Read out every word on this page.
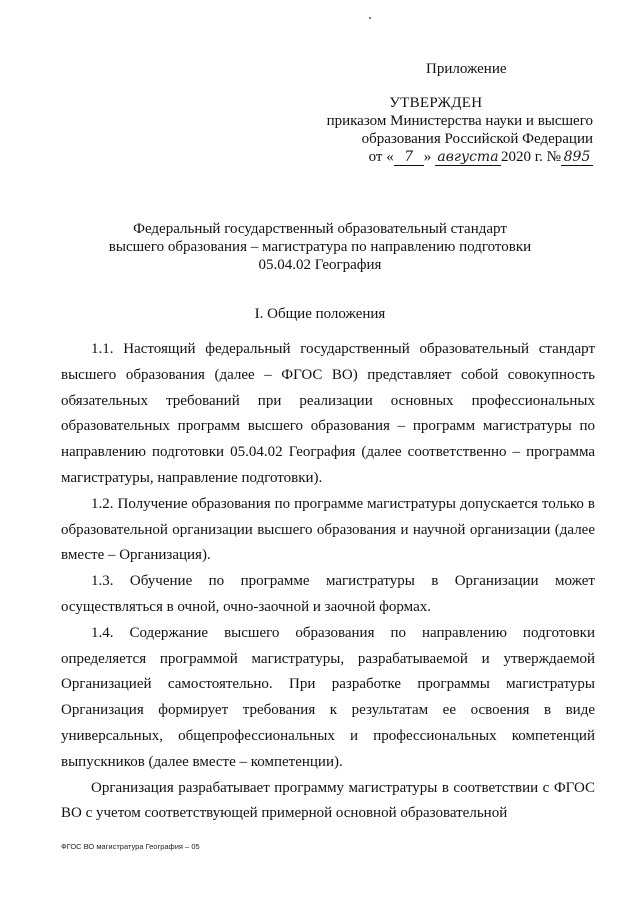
Приложение
УТВЕРЖДЕН
приказом Министерства науки и высшего
образования Российской Федерации
от « 7 » августа 2020 г. № 895
Федеральный государственный образовательный стандарт
высшего образования – магистратура по направлению подготовки
05.04.02 География
I. Общие положения

1.1. Настоящий федеральный государственный образовательный стандарт высшего образования (далее – ФГОС ВО) представляет собой совокупность обязательных требований при реализации основных профессиональных образовательных программ высшего образования – программ магистратуры по направлению подготовки 05.04.02 География (далее соответственно – программа магистратуры, направление подготовки).

1.2. Получение образования по программе магистратуры допускается только в образовательной организации высшего образования и научной организации (далее вместе – Организация).

1.3. Обучение по программе магистратуры в Организации может осуществляться в очной, очно-заочной и заочной формах.

1.4. Содержание высшего образования по направлению подготовки определяется программой магистратуры, разрабатываемой и утверждаемой Организацией самостоятельно. При разработке программы магистратуры Организация формирует требования к результатам ее освоения в виде универсальных, общепрофессиональных и профессиональных компетенций выпускников (далее вместе – компетенции).

Организация разрабатывает программу магистратуры в соответствии с ФГОС ВО с учетом соответствующей примерной основной образовательной

ФГОС ВО магистратура География – 05
